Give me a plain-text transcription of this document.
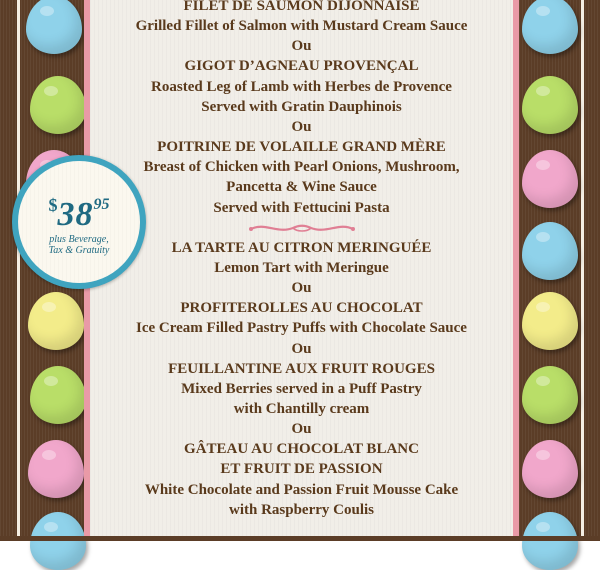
FILET DE SAUMON DIJONNAISE
Grilled Fillet of Salmon with Mustard Cream Sauce
Ou
GIGOT D’AGNEAU PROVENÇAL
Roasted Leg of Lamb with Herbes de Provence
Served with Gratin Dauphinois
Ou
POITRINE DE VOLAILLE GRAND MÈRE
Breast of Chicken with Pearl Onions, Mushroom,
Pancetta & Wine Sauce
Served with Fettucini Pasta
LA TARTE AU CITRON MERINGUÉE
Lemon Tart with Meringue
Ou
PROFITEROLLES AU CHOCOLAT
Ice Cream Filled Pastry Puffs with Chocolate Sauce
Ou
FEUILLANTINE AUX FRUIT ROUGES
Mixed Berries served in a Puff Pastry
with Chantilly cream
Ou
GÂTEAU AU CHOCOLAT BLANC
ET FRUIT DE PASSION
White Chocolate and Passion Fruit Mousse Cake
with Raspberry Coulis
$3895
plus Beverage,
Tax & Gratuity
